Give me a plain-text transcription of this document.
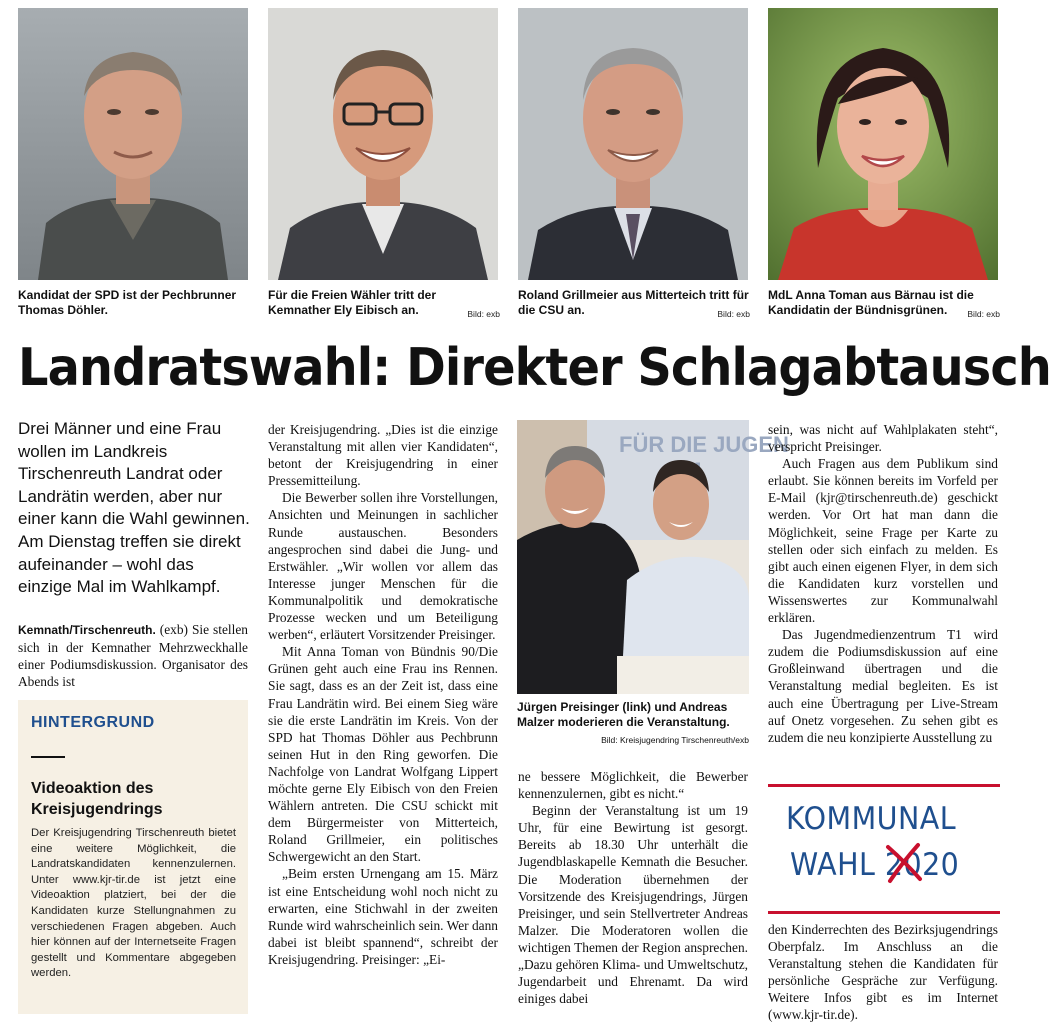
Kandidat der SPD ist der Pechbrunner Thomas Döhler.
Für die Freien Wähler tritt der Kemnather Ely Eibisch an.	Bild: exb
Roland Grillmeier aus Mitterteich tritt für die CSU an.	Bild: exb
MdL Anna Toman aus Bärnau ist die Kandidatin der Bündnisgrünen. Bild: exb
Landratswahl: Direkter Schlagabtausch
Drei Männer und eine Frau wollen im Landkreis Tirschenreuth Landrat oder Landrätin werden, aber nur einer kann die Wahl gewinnen. Am Dienstag treffen sie direkt aufeinander – wohl das einzige Mal im Wahlkampf.

Kemnath/Tirschenreuth. (exb) Sie stellen sich in der Kemnather Mehrzweckhalle einer Podiumsdiskussion. Organisator des Abends ist

HINTERGRUND
Videoaktion des Kreisjugendrings
Der Kreisjugendring Tirschenreuth bietet eine weitere Möglichkeit, die Landratskandidaten kennenzulernen. Unter www.kjr-tir.de ist jetzt eine Videoaktion platziert, bei der die Kandidaten kurze Stellungnahmen zu verschiedenen Fragen abgeben. Auch hier können auf der Internetseite Fragen gestellt und Kommentare abgegeben werden.

der Kreisjugendring. „Dies ist die einzige Veranstaltung mit allen vier Kandidaten“, betont der Kreisjugendring in einer Pressemitteilung.

Die Bewerber sollen ihre Vorstellungen, Ansichten und Meinungen in sachlicher Runde austauschen. Besonders angesprochen sind dabei die Jung- und Erstwähler. „Wir wollen vor allem das Interesse junger Menschen für die Kommunalpolitik und demokratische Prozesse wecken und um Beteiligung werben“, erläutert Vorsitzender Preisinger.

Mit Anna Toman von Bündnis 90/Die Grünen geht auch eine Frau ins Rennen. Sie sagt, dass es an der Zeit ist, dass eine Frau Landrätin wird. Bei einem Sieg wäre sie die erste Landrätin im Kreis. Von der SPD hat Thomas Döhler aus Pechbrunn seinen Hut in den Ring geworfen. Die Nachfolge von Landrat Wolfgang Lippert möchte gerne Ely Eibisch von den Freien Wählern antreten. Die CSU schickt mit dem Bürgermeister von Mitterteich, Roland Grillmeier, ein politisches Schwergewicht an den Start.

„Beim ersten Urnengang am 15. März ist eine Entscheidung wohl noch nicht zu erwarten, eine Stichwahl in der zweiten Runde wird wahrscheinlich sein. Wer dann dabei ist bleibt spannend“, schreibt der Kreisjugendring. Preisinger: „Ei-

FÜR DIE JUGEN
Jürgen Preisinger (link) und Andreas Malzer moderieren die Veranstaltung.
Bild: Kreisjugendring Tirschenreuth/exb

ne bessere Möglichkeit, die Bewerber kennenzulernen, gibt es nicht.“

Beginn der Veranstaltung ist um 19 Uhr, für eine Bewirtung ist gesorgt. Bereits ab 18.30 Uhr unterhält die Jugendblaskapelle Kemnath die Besucher. Die Moderation übernehmen der Vorsitzende des Kreisjugendrings, Jürgen Preisinger, und sein Stellvertreter Andreas Malzer. Die Moderatoren wollen die wichtigen Themen der Region ansprechen. „Dazu gehören Klima- und Umweltschutz, Jugendarbeit und Ehrenamt. Da wird einiges dabei

sein, was nicht auf Wahlplakaten steht“, verspricht Preisinger.

Auch Fragen aus dem Publikum sind erlaubt. Sie können bereits im Vorfeld per E-Mail (kjr@tirschenreuth.de) geschickt werden. Vor Ort hat man dann die Möglichkeit, seine Frage per Karte zu stellen oder sich einfach zu melden. Es gibt auch einen eigenen Flyer, in dem sich die Kandidaten kurz vorstellen und Wissenswertes zur Kommunalwahl erklären.

Das Jugendmedienzentrum T1 wird zudem die Podiumsdiskussion auf eine Großleinwand übertragen und die Veranstaltung medial begleiten. Es ist auch eine Übertragung per Live-Stream auf Onetz vorgesehen. Zu sehen gibt es zudem die neu konzipierte Ausstellung zu

KOMMUNAL
WAHL 2020

den Kinderrechten des Bezirksjugendrings Oberpfalz. Im Anschluss an die Veranstaltung stehen die Kandidaten für persönliche Gespräche zur Verfügung. Weitere Infos gibt es im Internet (www.kjr-tir.de).
